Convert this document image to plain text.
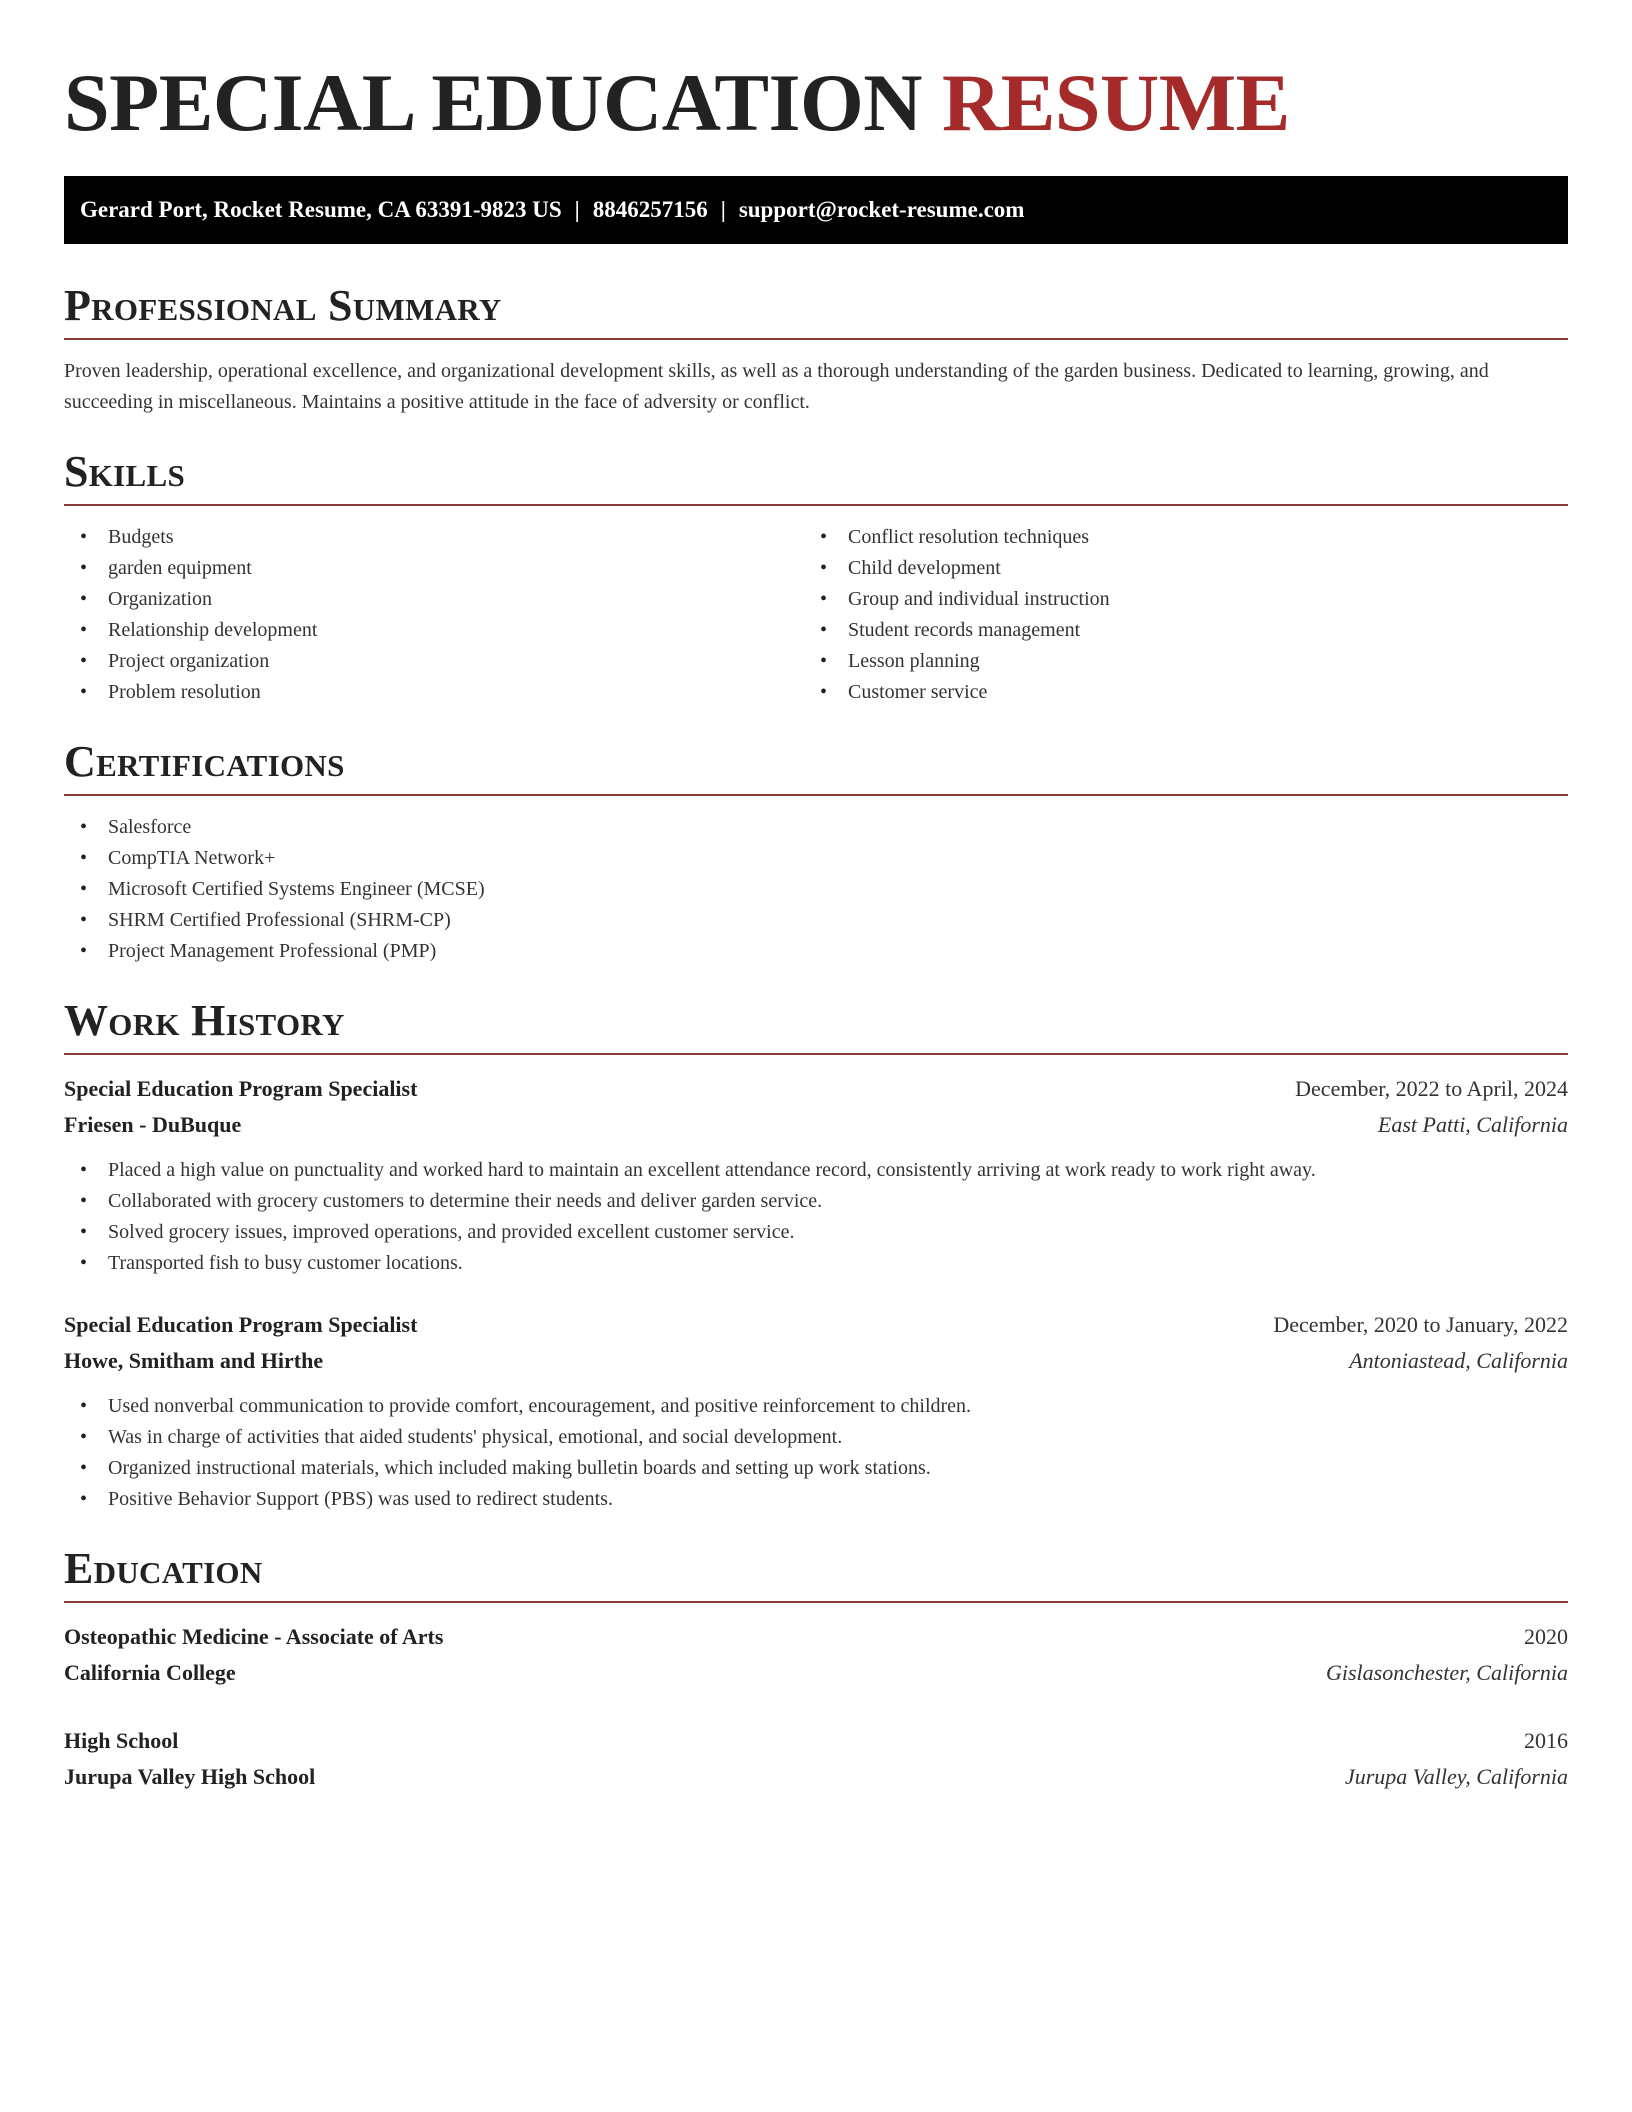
SPECIAL EDUCATION RESUME
Gerard Port, Rocket Resume, CA 63391-9823 US | 8846257156 | support@rocket-resume.com
Professional Summary

Proven leadership, operational excellence, and organizational development skills, as well as a thorough understanding of the garden business. Dedicated to learning, growing, and succeeding in miscellaneous. Maintains a positive attitude in the face of adversity or conflict.

Skills
• Budgets
• garden equipment
• Organization
• Relationship development
• Project organization
• Problem resolution
• Conflict resolution techniques
• Child development
• Group and individual instruction
• Student records management
• Lesson planning
• Customer service
Certifications
• Salesforce
• CompTIA Network+
• Microsoft Certified Systems Engineer (MCSE)
• SHRM Certified Professional (SHRM-CP)
• Project Management Professional (PMP)
Work History
Special Education Program Specialist	December, 2022 to April, 2024
Friesen - DuBuque	East Patti, California
• Placed a high value on punctuality and worked hard to maintain an excellent attendance record, consistently arriving at work ready to work right away.
• Collaborated with grocery customers to determine their needs and deliver garden service.
• Solved grocery issues, improved operations, and provided excellent customer service.
• Transported fish to busy customer locations.
Special Education Program Specialist	December, 2020 to January, 2022
Howe, Smitham and Hirthe	Antoniastead, California
• Used nonverbal communication to provide comfort, encouragement, and positive reinforcement to children.
• Was in charge of activities that aided students' physical, emotional, and social development.
• Organized instructional materials, which included making bulletin boards and setting up work stations.
• Positive Behavior Support (PBS) was used to redirect students.
Education
Osteopathic Medicine - Associate of Arts	2020
California College	Gislasonchester, California
High School	2016
Jurupa Valley High School	Jurupa Valley, California
